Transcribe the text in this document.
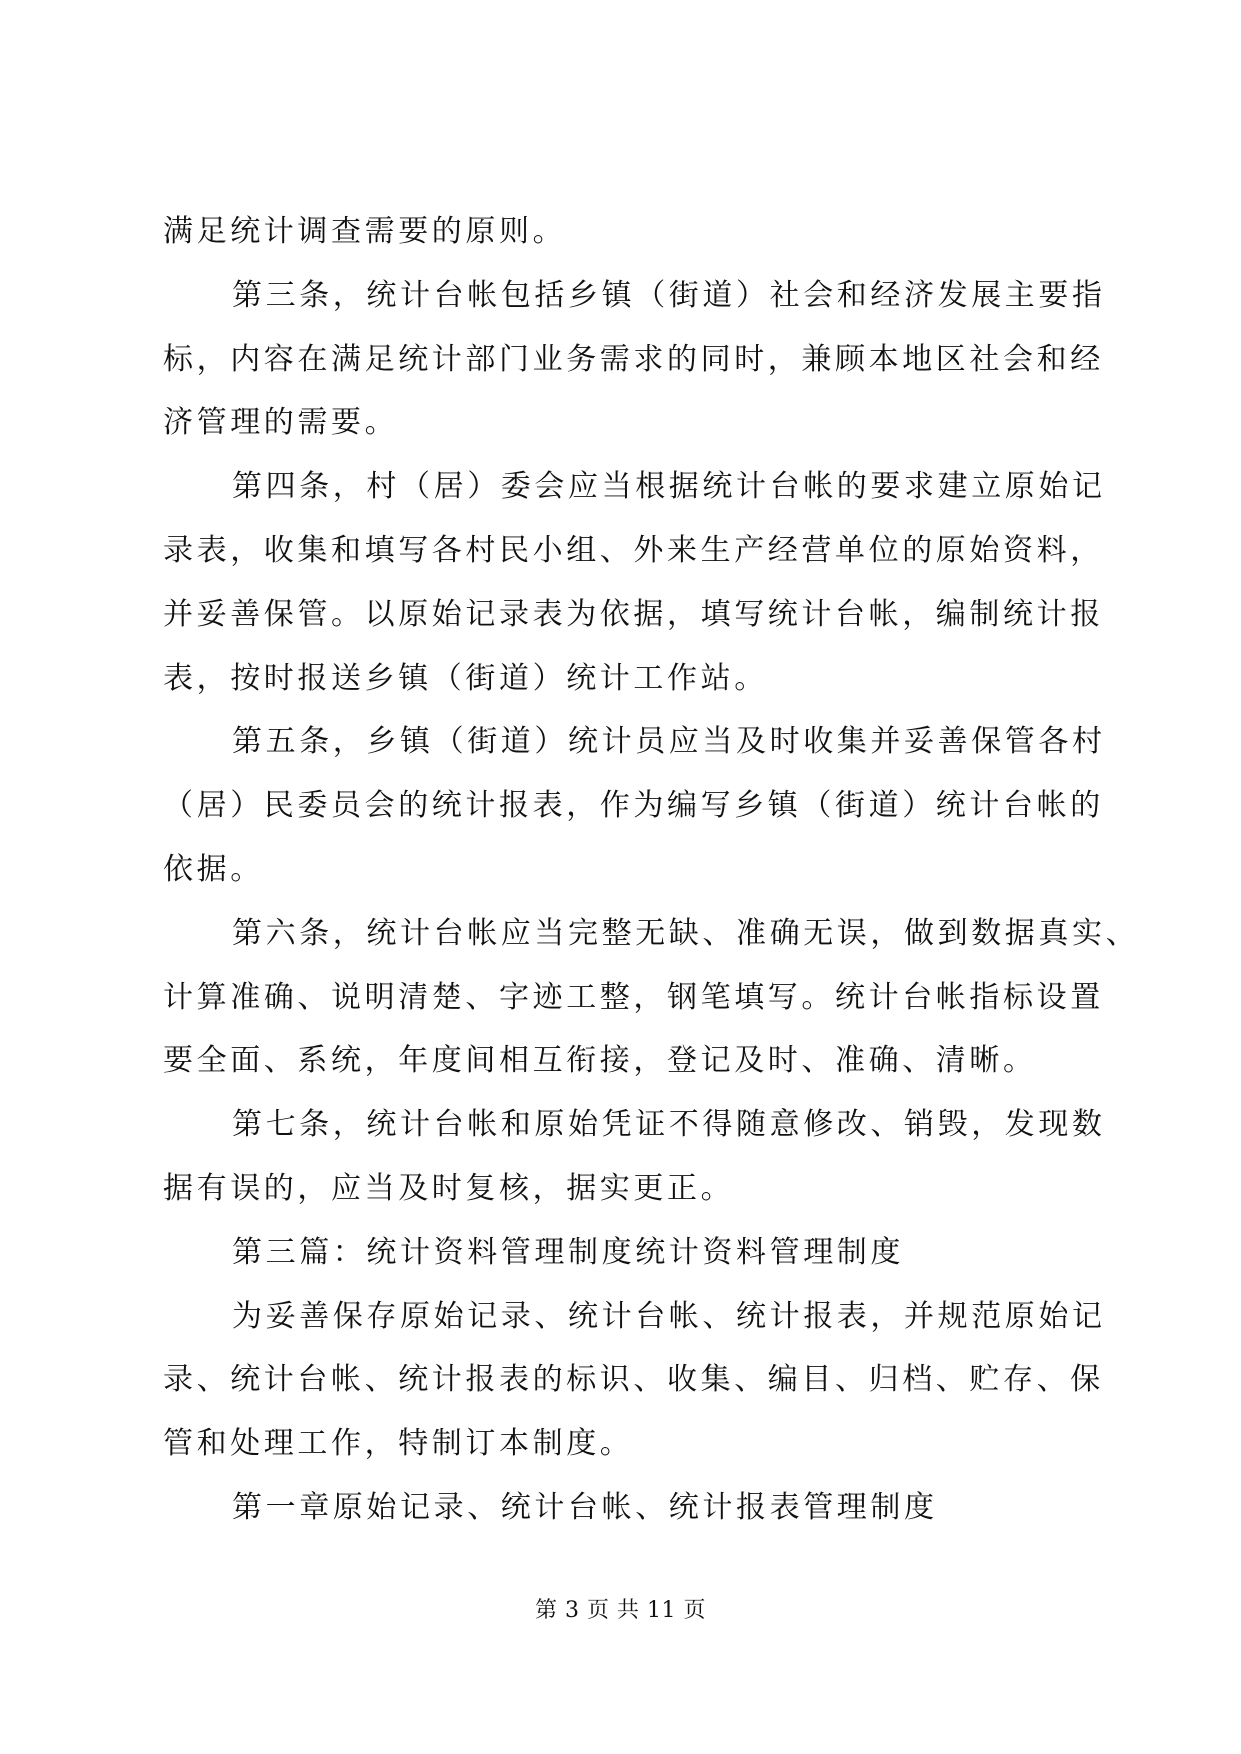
满足统计调查需要的原则。
第三条，统计台帐包括乡镇（街道）社会和经济发展主要指
标，内容在满足统计部门业务需求的同时，兼顾本地区社会和经
济管理的需要。
第四条，村（居）委会应当根据统计台帐的要求建立原始记
录表，收集和填写各村民小组、外来生产经营单位的原始资料，
并妥善保管。以原始记录表为依据，填写统计台帐，编制统计报
表，按时报送乡镇（街道）统计工作站。
第五条，乡镇（街道）统计员应当及时收集并妥善保管各村
（居）民委员会的统计报表，作为编写乡镇（街道）统计台帐的
依据。
第六条，统计台帐应当完整无缺、准确无误，做到数据真实、
计算准确、说明清楚、字迹工整，钢笔填写。统计台帐指标设置
要全面、系统，年度间相互衔接，登记及时、准确、清晰。
第七条，统计台帐和原始凭证不得随意修改、销毁，发现数
据有误的，应当及时复核，据实更正。
第三篇：统计资料管理制度统计资料管理制度
为妥善保存原始记录、统计台帐、统计报表，并规范原始记
录、统计台帐、统计报表的标识、收集、编目、归档、贮存、保
管和处理工作，特制订本制度。
第一章原始记录、统计台帐、统计报表管理制度
第 3 页 共 11 页
